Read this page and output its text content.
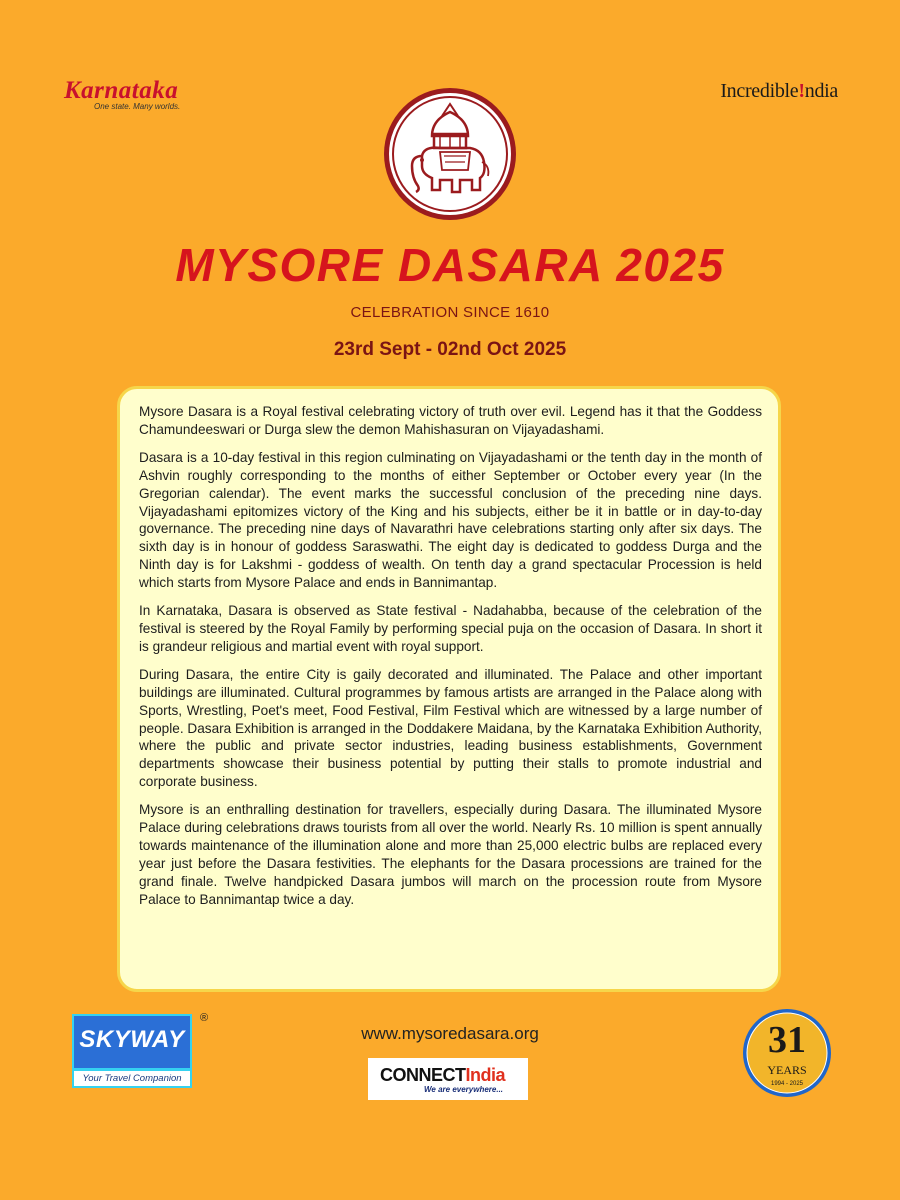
Karnataka
One state. Many worlds.
Incredible!ndia
MYSORE DASARA 2025
CELEBRATION SINCE 1610
23rd Sept - 02nd Oct 2025

Mysore Dasara is a Royal festival celebrating victory of truth over evil. Legend has it that the Goddess Chamundeeswari or Durga slew the demon Mahishasuran on Vijayadashami.

Dasara is a 10-day festival in this region culminating on Vijayadashami or the tenth day in the month of Ashvin roughly corresponding to the months of either September or October every year (In the Gregorian calendar). The event marks the successful conclusion of the preceding nine days. Vijayadashami epitomizes victory of the King and his subjects, either be it in battle or in day-to-day governance. The preceding nine days of Navarathri have celebrations starting only after six days. The sixth day is in honour of goddess Saraswathi. The eight day is dedicated to goddess Durga and the Ninth day is for Lakshmi - goddess of wealth. On tenth day a grand spectacular Procession is held which starts from Mysore Palace and ends in Bannimantap.

In Karnataka, Dasara is observed as State festival - Nadahabba, because of the celebration of the festival is steered by the Royal Family by performing special puja on the occasion of Dasara. In short it is grandeur religious and martial event with royal support.

During Dasara, the entire City is gaily decorated and illuminated. The Palace and other important buildings are illuminated. Cultural programmes by famous artists are arranged in the Palace along with Sports, Wrestling, Poet's meet, Food Festival, Film Festival which are witnessed by a large number of people. Dasara Exhibition is arranged in the Doddakere Maidana, by the Karnataka Exhibition Authority, where the public and private sector industries, leading business establishments, Government departments showcase their business potential by putting their stalls to promote industrial and corporate business.

Mysore is an enthralling destination for travellers, especially during Dasara. The illuminated Mysore Palace during celebrations draws tourists from all over the world. Nearly Rs. 10 million is spent annually towards maintenance of the illumination alone and more than 25,000 electric bulbs are replaced every year just before the Dasara festivities. The elephants for the Dasara processions are trained for the grand finale. Twelve handpicked Dasara jumbos will march on the procession route from Mysore Palace to Bannimantap twice a day.

SKYWAY
Your Travel Companion
®
www.mysoredasara.org
CONNECTIndia
We are everywhere...
31
YEARS
1994 - 2025
